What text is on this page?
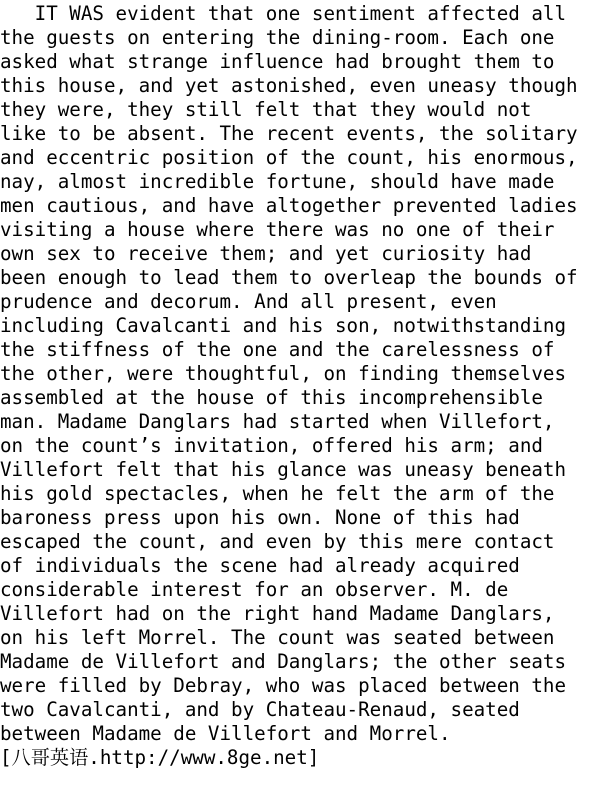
IT WAS evident that one sentiment affected all
the guests on entering the dining-room. Each one
asked what strange influence had brought them to
this house, and yet astonished, even uneasy though
they were, they still felt that they would not
like to be absent. The recent events, the solitary
and eccentric position of the count, his enormous,
nay, almost incredible fortune, should have made
men cautious, and have altogether prevented ladies
visiting a house where there was no one of their
own sex to receive them; and yet curiosity had
been enough to lead them to overleap the bounds of
prudence and decorum. And all present, even
including Cavalcanti and his son, notwithstanding
the stiffness of the one and the carelessness of
the other, were thoughtful, on finding themselves
assembled at the house of this incomprehensible
man. Madame Danglars had started when Villefort,
on the count’s invitation, offered his arm; and
Villefort felt that his glance was uneasy beneath
his gold spectacles, when he felt the arm of the
baroness press upon his own. None of this had
escaped the count, and even by this mere contact
of individuals the scene had already acquired
considerable interest for an observer. M. de
Villefort had on the right hand Madame Danglars,
on his left Morrel. The count was seated between
Madame de Villefort and Danglars; the other seats
were filled by Debray, who was placed between the
two Cavalcanti, and by Chateau-Renaud, seated
between Madame de Villefort and Morrel.
[八哥英语.http://www.8ge.net]
